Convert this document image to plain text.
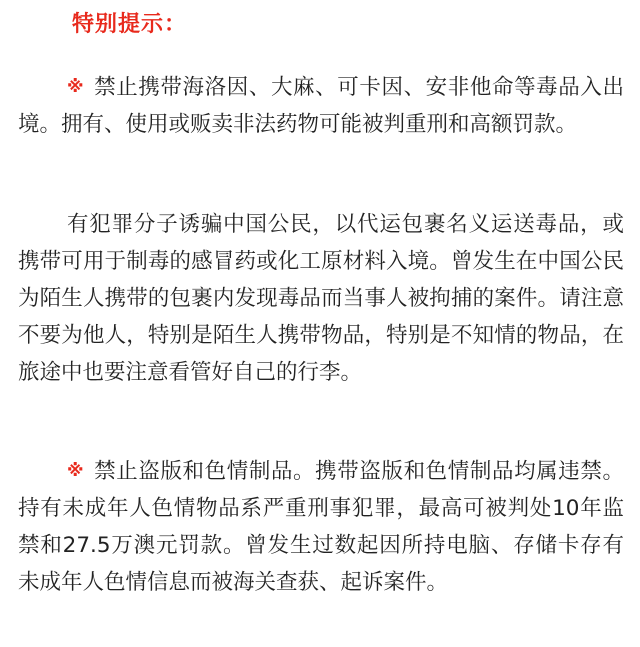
特别提示：

※ 禁止携带海洛因、大麻、可卡因、安非他命等毒品入出境。拥有、使用或贩卖非法药物可能被判重刑和高额罚款。

有犯罪分子诱骗中国公民，以代运包裹名义运送毒品，或携带可用于制毒的感冒药或化工原材料入境。曾发生在中国公民为陌生人携带的包裹内发现毒品而当事人被拘捕的案件。请注意不要为他人，特别是陌生人携带物品，特别是不知情的物品，在旅途中也要注意看管好自己的行李。

※ 禁止盗版和色情制品。携带盗版和色情制品均属违禁。持有未成年人色情物品系严重刑事犯罪，最高可被判处10年监禁和27.5万澳元罚款。曾发生过数起因所持电脑、存储卡存有未成年人色情信息而被海关查获、起诉案件。
